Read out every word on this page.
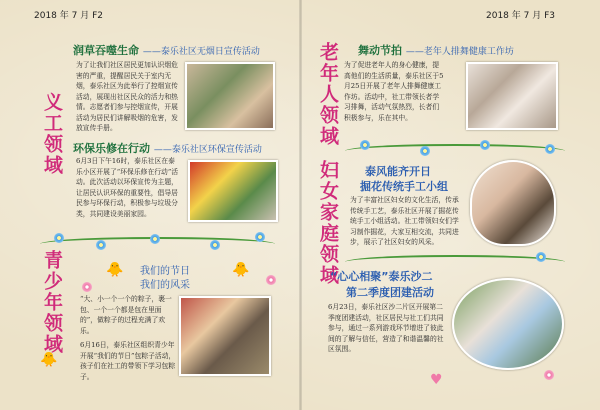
2018 年 7 月 F2	2018 年 7 月 F3
义工领域
青少年领域
润草吞噬生命 ——泰乐社区无烟日宣传活动
为了让我们社区居民更加认识烟危害的严重，提醒居民关于室内无烟，泰乐社区为此举行了控烟宣传活动，展现出社区民众的活力和热情。志愿者们参与控烟宣传，开展活动为居民们讲解吸烟的危害，发放宣传手册。
环保乐修在行动 ——泰乐社区环保宣传活动
6月3日下午16时，泰乐社区在泰乐小区开展了“环保乐修在行动”活动。此次活动以环保宣传为主题，让居民认识环保的重要性，倡导居民参与环保行动，积极参与垃圾分类，共同建设美丽家园。
🐥	🐥
我们的节日
我们的风采
“大、小一个一个的粽子，裹一包、一个一个都是包在里面的”，做粽子的过程充满了欢乐。
6月16日，泰乐社区组织青少年开展“我们的节日”包粽子活动，孩子们在社工的带领下学习包粽子。
🐥
老年人领域
妇女家庭领域
舞动节拍 ——老年人排舞健康工作坊
为了促进老年人的身心健康，提高他们的生活质量，泰乐社区于5月25日开展了老年人排舞健康工作坊。活动中，社工带领长者学习排舞，活动气氛热烈，长者们积极参与，乐在其中。
泰风能齐开日
掘花传统手工小组
为了丰富社区妇女的文化生活，传承传统手工艺，泰乐社区开展了掘花传统手工小组活动。社工带领妇女们学习制作掘花，大家互相交流，共同进步，展示了社区妇女的风采。
“心心相聚”泰乐沙二
第二季度团建活动
6月23日，泰乐社区沙二片区开展第二季度团建活动，社区居民与社工们共同参与，通过一系列游戏环节增进了彼此间的了解与信任，营造了和谐温馨的社区氛围。
♥
